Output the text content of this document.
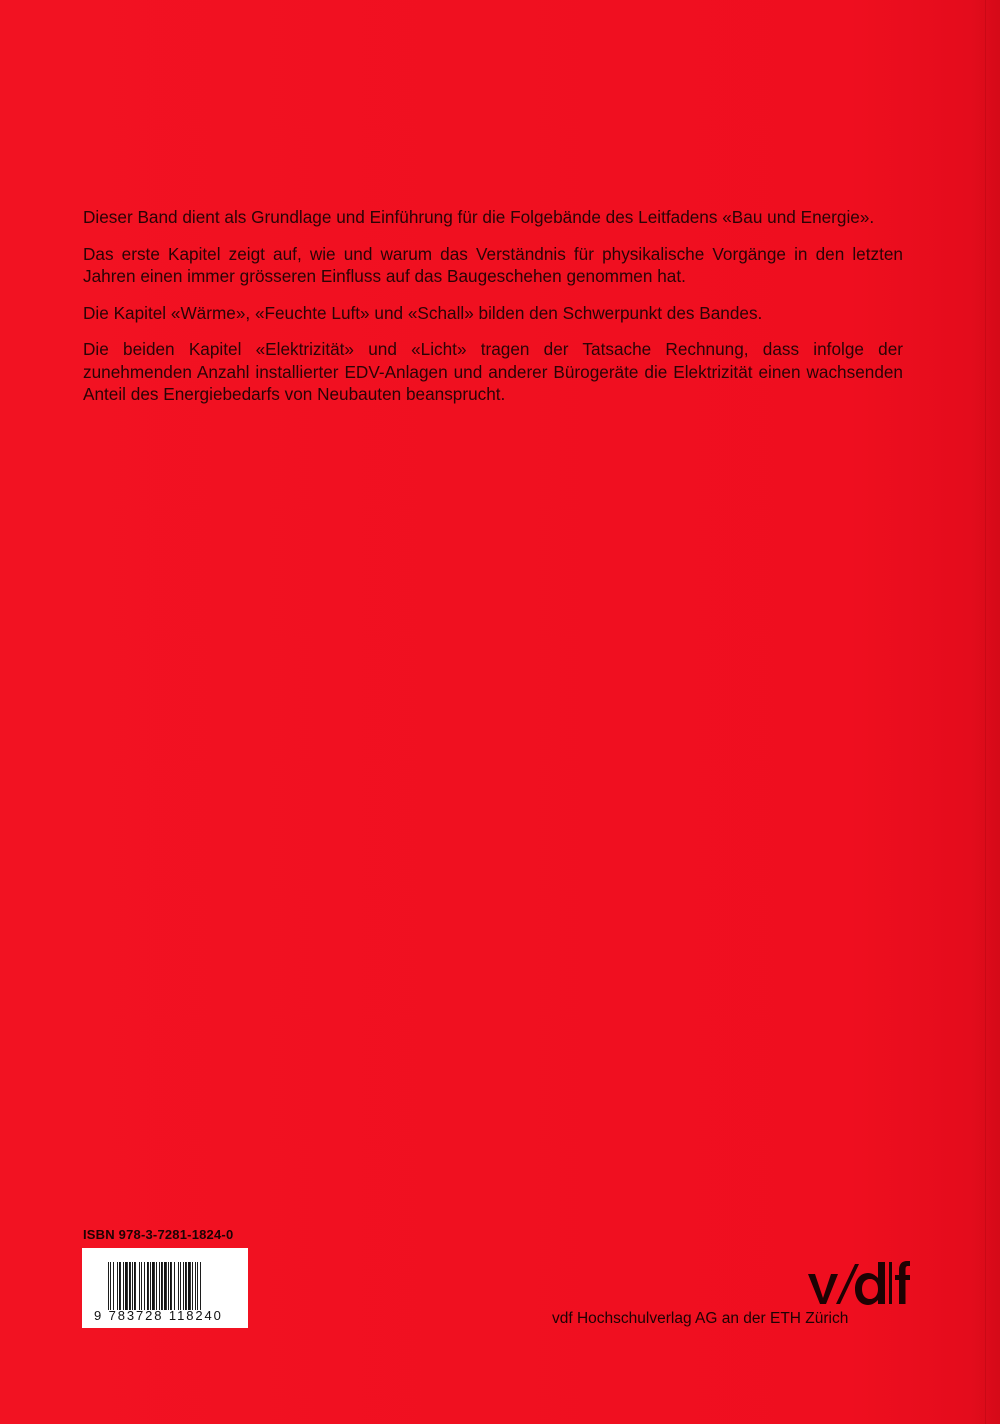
Dieser Band dient als Grundlage und Einführung für die Folgebände des Leitfadens «Bau und Energie».

Das erste Kapitel zeigt auf, wie und warum das Verständnis für physikalische Vorgänge in den letzten Jahren einen immer grösseren Einfluss auf das Baugeschehen genommen hat.

Die Kapitel «Wärme», «Feuchte Luft» und «Schall» bilden den Schwerpunkt des Bandes.

Die beiden Kapitel «Elektrizität» und «Licht» tragen der Tatsache Rechnung, dass infolge der zunehmenden Anzahl installierter EDV-Anlagen und anderer Bürogeräte die Elektrizität einen wachsenden Anteil des Energiebedarfs von Neubauten beansprucht.

ISBN 978-3-7281-1824-0
9 783728 118240	vdf Hochschulverlag AG an der ETH Zürich
